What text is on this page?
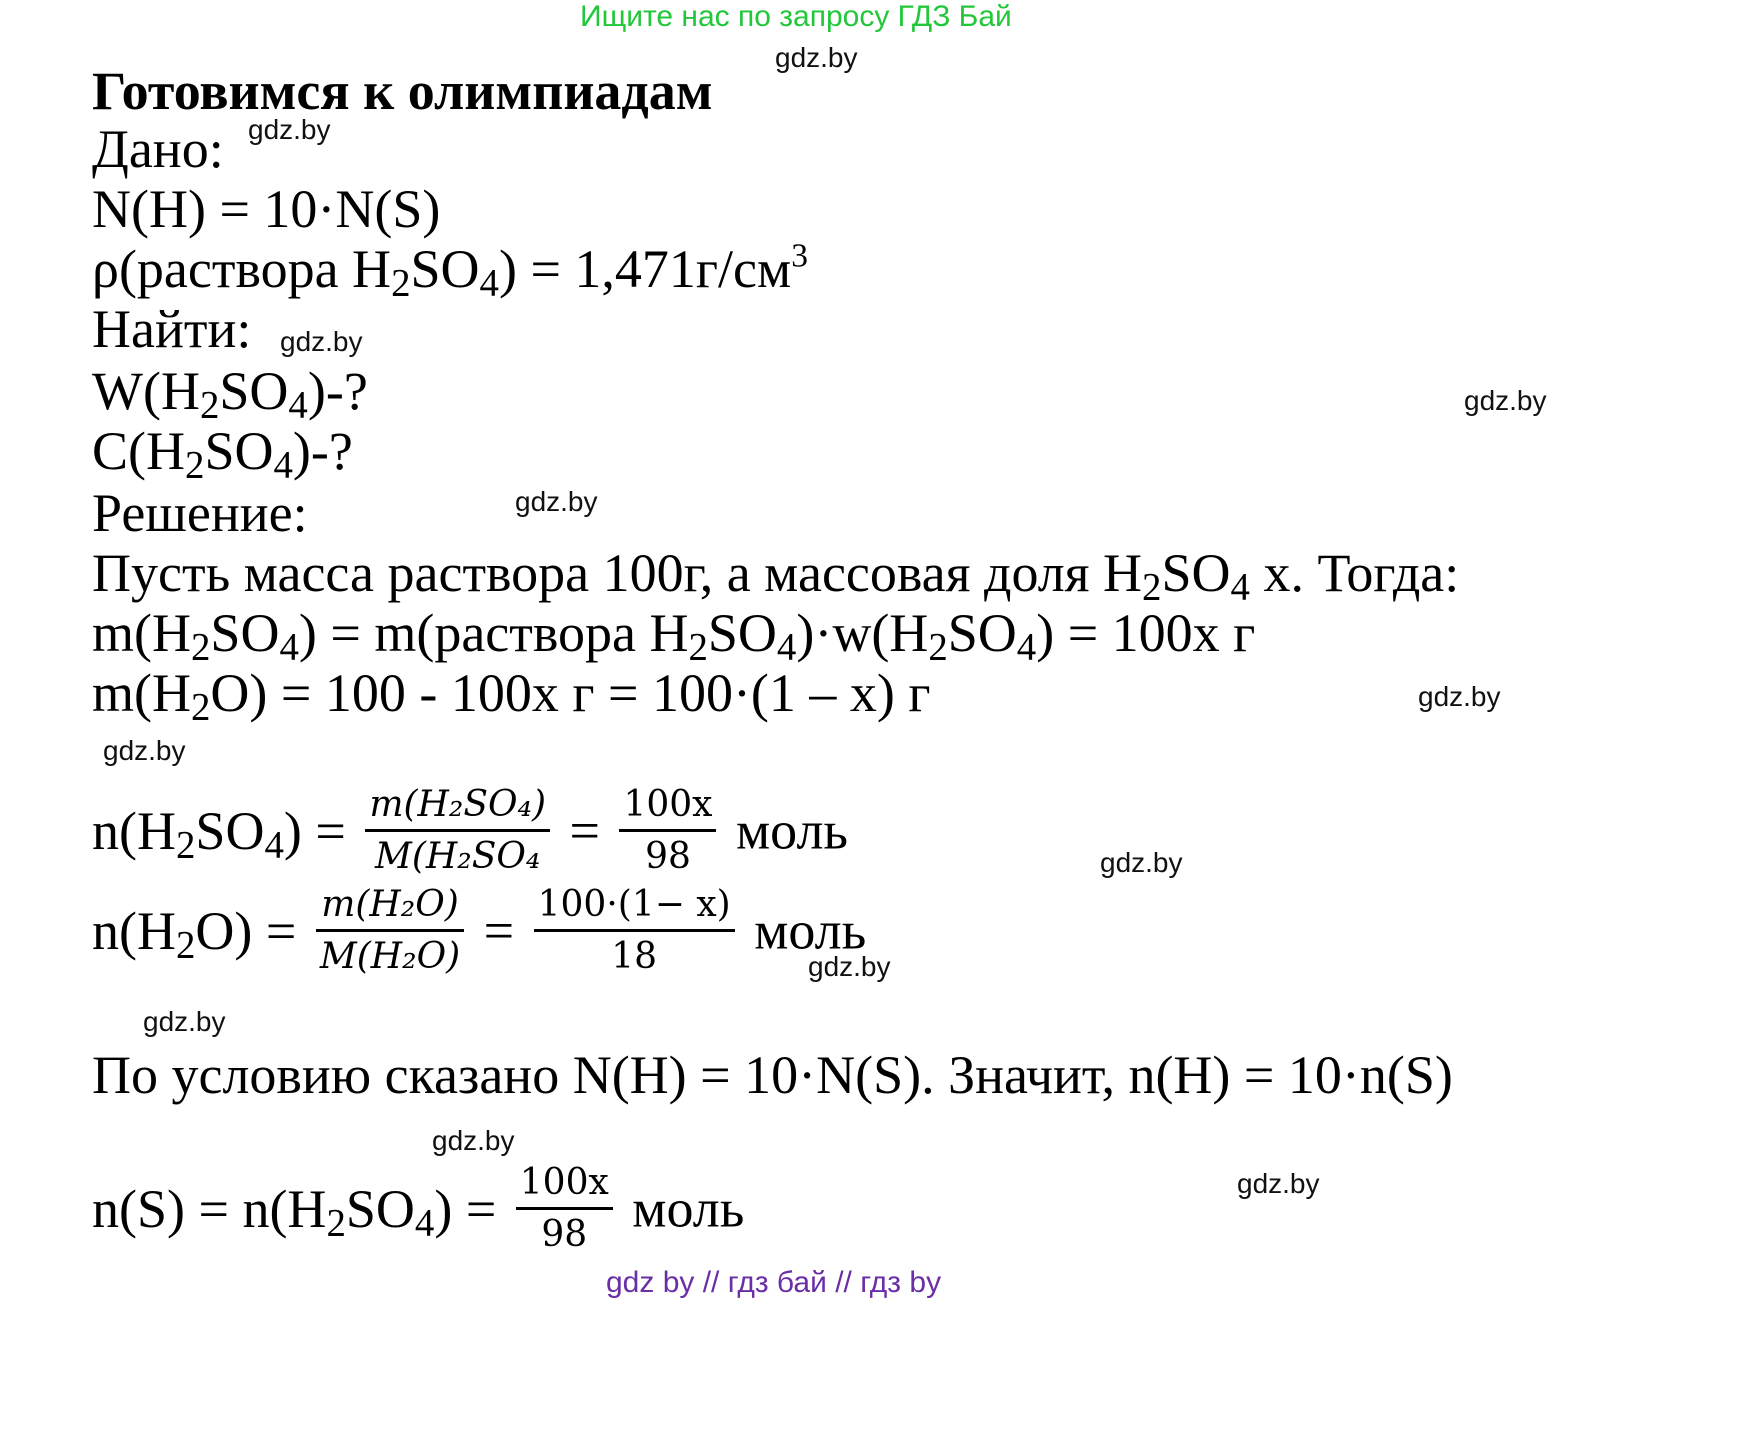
Ищите нас по запросу ГДЗ Бай
gdz.by
gdz.by
gdz.by
gdz.by
gdz.by
gdz.by
gdz.by
gdz.by
gdz.by
gdz.by
gdz.by
gdz.by
Готовимся к олимпиадам
Дано:
N(H) = 10·N(S)
ρ(раствора $H_2SO_4) = 1,471г/см^3$
Найти:
$W(H_2SO_4)-$?
$C(H_2SO_4)-$?
Решение:
Пусть масса раствора 100г, а массовая доля $H_2SO_4$ x. Тогда:
$m(H_2SO_4)$ = m(раствора $H_2SO_4)\cdot w(H_2SO_4) = 100x$ г
$m(H_2O) = 100 - 100x$ г = 100·(1 – x) г
$n(H_2SO_4) = \frac{\text{m(H₂SO₄)}}{\text{M(H₂SO₄}} = \frac{100x}{98}$ моль
$n(H_2O) = \frac{\text{m(H₂O)}}{\text{M(H₂O)}} = \frac{100\cdot(1- x)}{18}$ моль
По условию сказано N(H) = 10·N(S). Значит, n(H) = 10·n(S)
$n(S) = n(H_2SO_4) = \frac{100x}{98}$ моль
gdz by // гдз бай // гдз by
